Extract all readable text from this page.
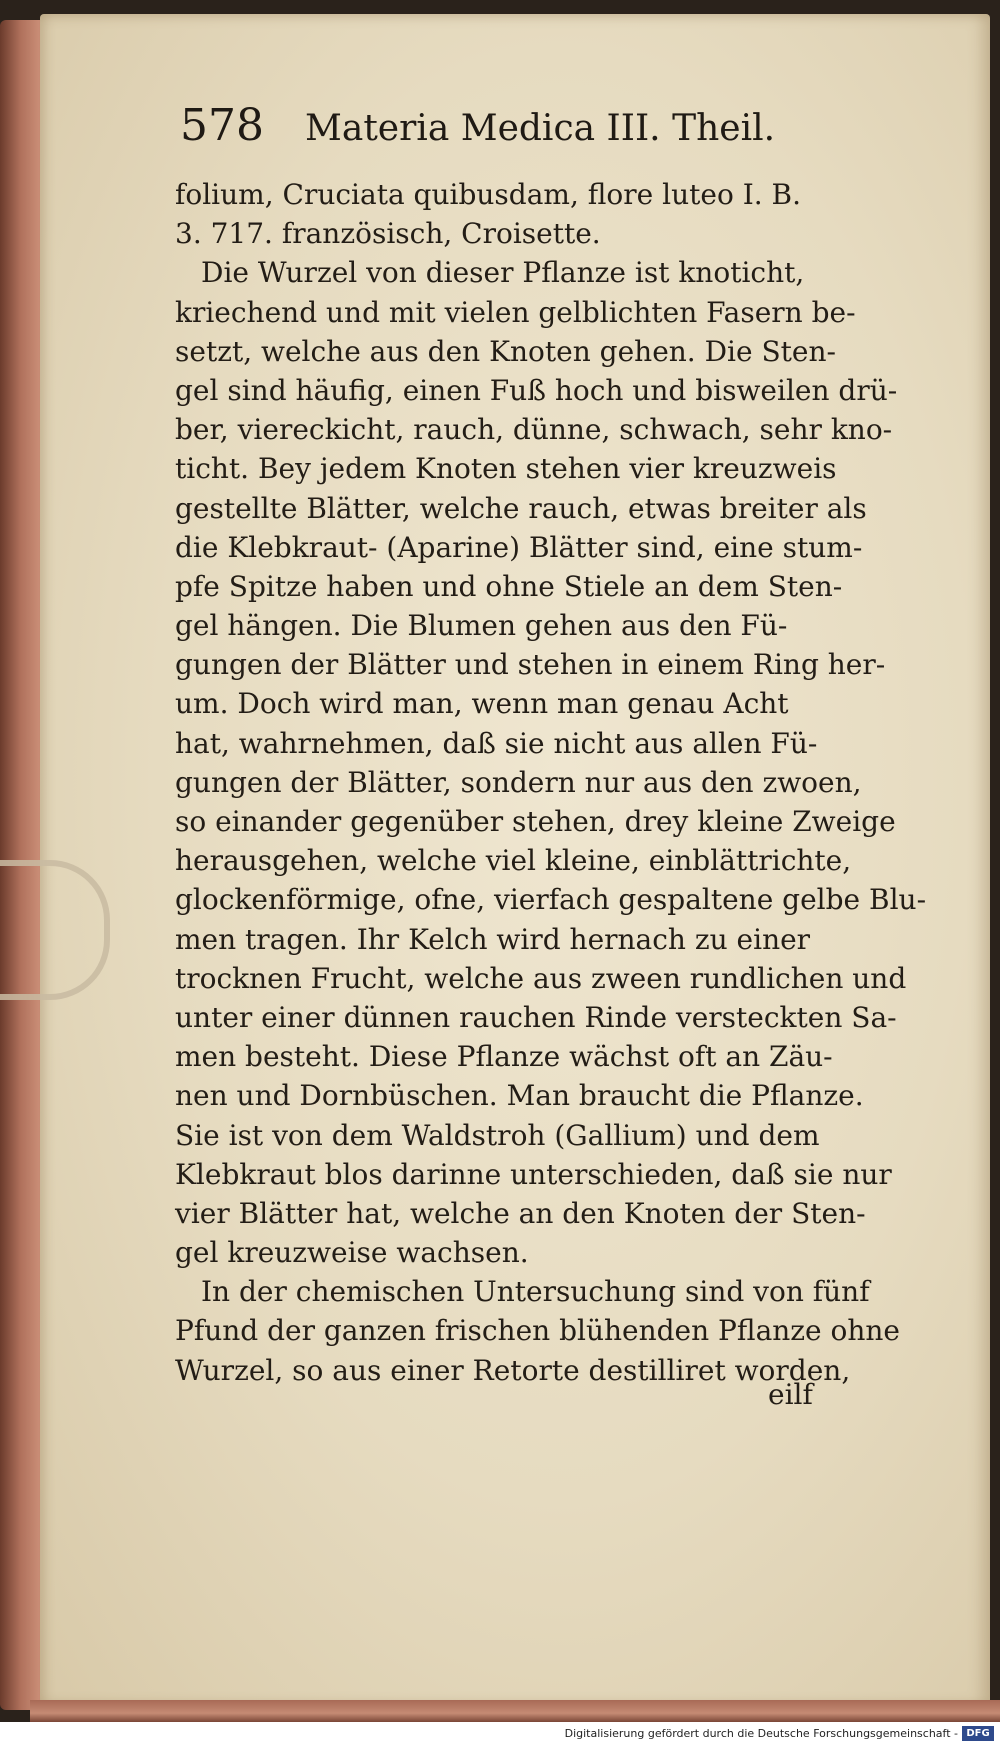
578 Materia Medica III. Theil.
folium, Cruciata quibusdam, flore luteo I. B.
3. 717. französisch, Croisette.
Die Wurzel von dieser Pflanze ist knoticht,
kriechend und mit vielen gelblichten Fasern be-
setzt, welche aus den Knoten gehen. Die Sten-
gel sind häufig, einen Fuß hoch und bisweilen drü-
ber, viereckicht, rauch, dünne, schwach, sehr kno-
ticht. Bey jedem Knoten stehen vier kreuzweis
gestellte Blätter, welche rauch, etwas breiter als
die Klebkraut- (Aparine) Blätter sind, eine stum-
pfe Spitze haben und ohne Stiele an dem Sten-
gel hängen. Die Blumen gehen aus den Fü-
gungen der Blätter und stehen in einem Ring her-
um. Doch wird man, wenn man genau Acht
hat, wahrnehmen, daß sie nicht aus allen Fü-
gungen der Blätter, sondern nur aus den zwoen,
so einander gegenüber stehen, drey kleine Zweige
herausgehen, welche viel kleine, einblättrichte,
glockenförmige, ofne, vierfach gespaltene gelbe Blu-
men tragen. Ihr Kelch wird hernach zu einer
trocknen Frucht, welche aus zween rundlichen und
unter einer dünnen rauchen Rinde versteckten Sa-
men besteht. Diese Pflanze wächst oft an Zäu-
nen und Dornbüschen. Man braucht die Pflanze.
Sie ist von dem Waldstroh (Gallium) und dem
Klebkraut blos darinne unterschieden, daß sie nur
vier Blätter hat, welche an den Knoten der Sten-
gel kreuzweise wachsen.
In der chemischen Untersuchung sind von fünf
Pfund der ganzen frischen blühenden Pflanze ohne
Wurzel, so aus einer Retorte destilliret worden,
eilf
Digitalisierung gefördert durch die Deutsche Forschungsgemeinschaft - DFG
